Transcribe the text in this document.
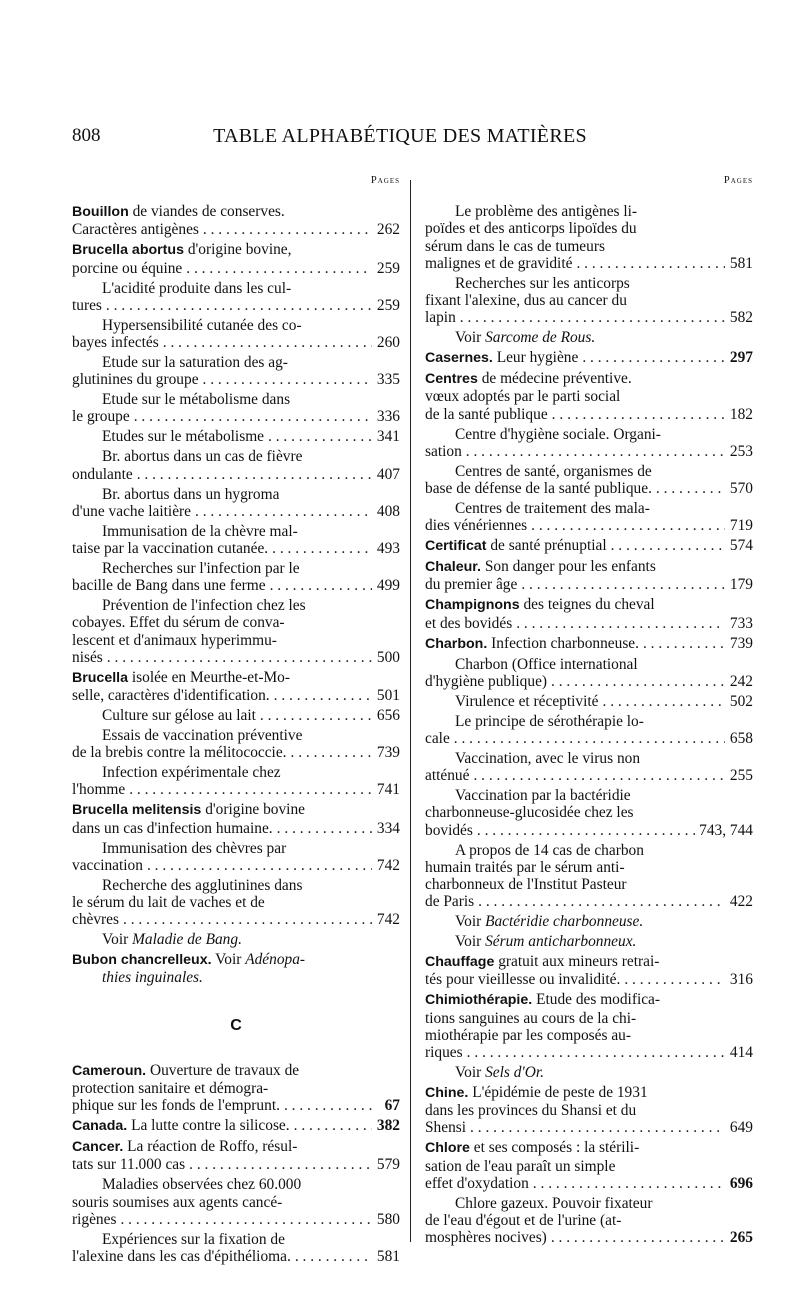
808	TABLE ALPHABÉTIQUE DES MATIÈRES
Pages
Bouillon de viandes de conserves.
Caractères antigènes . . .	262
Brucella abortus d'origine bovine,
porcine ou équine . . .	259
L'acidité produite dans les cul-
tures . . .	259
Hypersensibilité cutanée des co-
bayes infectés . . .	260
Etude sur la saturation des ag-
glutinines du groupe . . .	335
Etude sur le métabolisme dans
le groupe . . .	336
Etudes sur le métabolisme . . .	341
Br. abortus dans un cas de fièvre
ondulante . . .	407
Br. abortus dans un hygroma
d'une vache laitière . . .	408
Immunisation de la chèvre mal-
taise par la vaccination cutanée. . . .	493
Recherches sur l'infection par le
bacille de Bang dans une ferme . . .	499
Prévention de l'infection chez les
cobayes. Effet du sérum de conva-
lescent et d'animaux hyperimmu-
nisés . . .	500
Brucella isolée en Meurthe-et-Mo-
selle, caractères d'identification. . . .	501
Culture sur gélose au lait . . .	656
Essais de vaccination préventive
de la brebis contre la mélitococcie. . . .	739
Infection expérimentale chez
l'homme . . .	741
Brucella melitensis d'origine bovine
dans un cas d'infection humaine. . . .	334
Immunisation des chèvres par
vaccination . . .	742
Recherche des agglutinines dans
le sérum du lait de vaches et de
chèvres . . .	742
Voir Maladie de Bang.
Bubon chancrelleux. Voir Adénopa-
thies inguinales.
C
Cameroun. Ouverture de travaux de
protection sanitaire et démogra-
phique sur les fonds de l'emprunt. . . .	67
Canada.
La lutte contre la silicose. . . .	382
Cancer. La réaction de Roffo, résul-
tats sur 11.000 cas . . .	579
Maladies observées chez 60.000
souris soumises aux agents cancé-
rigènes . . .	580
Expériences sur la fixation de
l'alexine dans les cas d'épithélioma. . . .	581
Pages
Le problème des antigènes li-
poïdes et des anticorps lipoïdes du
sérum dans le cas de tumeurs
malignes et de gravidité . . .	581
Recherches sur les anticorps
fixant l'alexine, dus au cancer du
lapin . . .	582
Voir Sarcome de Rous.
Casernes.
Leur hygiène . . .	297
Centres de médecine préventive.
vœux adoptés par le parti social
de la santé publique . . .	182
Centre d'hygiène sociale. Organi-
sation . . .	253
Centres de santé, organismes de
base de défense de la santé publique. . . .	570
Centres de traitement des mala-
dies vénériennes . . .	719
Certificat
de santé prénuptial . . .	574
Chaleur. Son danger pour les enfants
du premier âge . . .	179
Champignons des teignes du cheval
et des bovidés . . .	733
Charbon.
Infection charbonneuse. . . .	739
Charbon (Office international
d'hygiène publique) . . .	242
Virulence et réceptivité . . .	502
Le principe de sérothérapie lo-
cale . . .	658
Vaccination, avec le virus non
atténué . . .	255
Vaccination par la bactéridie
charbonneuse-glucosidée chez les
bovidés . . .	743, 744
A propos de 14 cas de charbon
humain traités par le sérum anti-
charbonneux de l'Institut Pasteur
de Paris . . .	422
Voir Bactéridie charbonneuse.
Voir Sérum anticharbonneux.
Chauffage gratuit aux mineurs retrai-
tés pour vieillesse ou invalidité. . . .	316
Chimiothérapie. Etude des modifica-
tions sanguines au cours de la chi-
miothérapie par les composés au-
riques . . .	414
Voir Sels d'Or.
Chine. L'épidémie de peste de 1931
dans les provinces du Shansi et du
Shensi . . .	649
Chlore et ses composés : la stérili-
sation de l'eau paraît un simple
effet d'oxydation . . .	696
Chlore gazeux. Pouvoir fixateur
de l'eau d'égout et de l'urine (at-
mosphères nocives) . . .	265
